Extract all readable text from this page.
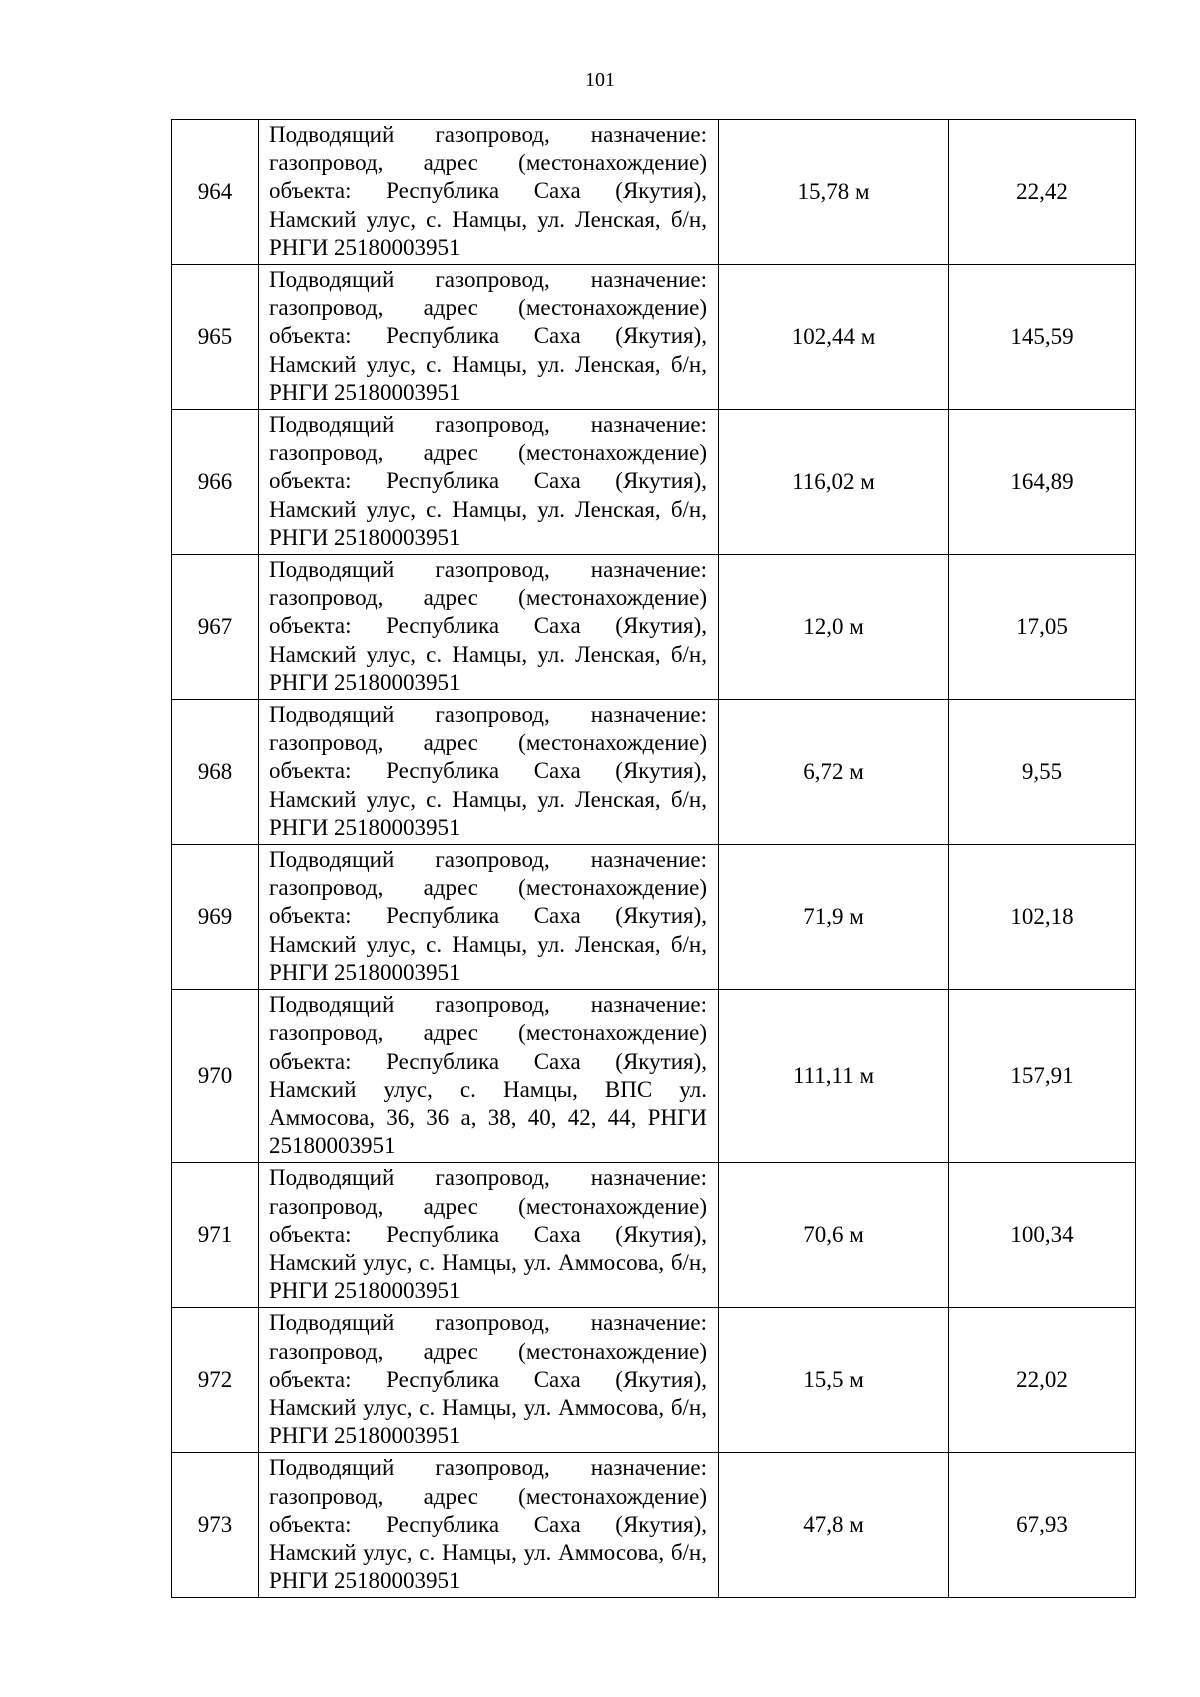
101
964	Подводящий газопровод, назначение: газопровод, адрес (местонахождение) объекта: Республика Саха (Якутия), Намский улус, с. Намцы, ул. Ленская, б/н, РНГИ 25180003951	15,78 м	22,42
965	Подводящий газопровод, назначение: газопровод, адрес (местонахождение) объекта: Республика Саха (Якутия), Намский улус, с. Намцы, ул. Ленская, б/н, РНГИ 25180003951	102,44 м	145,59
966	Подводящий газопровод, назначение: газопровод, адрес (местонахождение) объекта: Республика Саха (Якутия), Намский улус, с. Намцы, ул. Ленская, б/н, РНГИ 25180003951	116,02 м	164,89
967	Подводящий газопровод, назначение: газопровод, адрес (местонахождение) объекта: Республика Саха (Якутия), Намский улус, с. Намцы, ул. Ленская, б/н, РНГИ 25180003951	12,0 м	17,05
968	Подводящий газопровод, назначение: газопровод, адрес (местонахождение) объекта: Республика Саха (Якутия), Намский улус, с. Намцы, ул. Ленская, б/н, РНГИ 25180003951	6,72 м	9,55
969	Подводящий газопровод, назначение: газопровод, адрес (местонахождение) объекта: Республика Саха (Якутия), Намский улус, с. Намцы, ул. Ленская, б/н, РНГИ 25180003951	71,9 м	102,18
970	Подводящий газопровод, назначение: газопровод, адрес (местонахождение) объекта: Республика Саха (Якутия), Намский улус, с. Намцы, ВПС ул. Аммосова, 36, 36 а, 38, 40, 42, 44, РНГИ 25180003951	111,11 м	157,91
971	Подводящий газопровод, назначение: газопровод, адрес (местонахождение) объекта: Республика Саха (Якутия), Намский улус, с. Намцы, ул. Аммосова, б/н, РНГИ 25180003951	70,6 м	100,34
972	Подводящий газопровод, назначение: газопровод, адрес (местонахождение) объекта: Республика Саха (Якутия), Намский улус, с. Намцы, ул. Аммосова, б/н, РНГИ 25180003951	15,5 м	22,02
973	Подводящий газопровод, назначение: газопровод, адрес (местонахождение) объекта: Республика Саха (Якутия), Намский улус, с. Намцы, ул. Аммосова, б/н, РНГИ 25180003951	47,8 м	67,93
